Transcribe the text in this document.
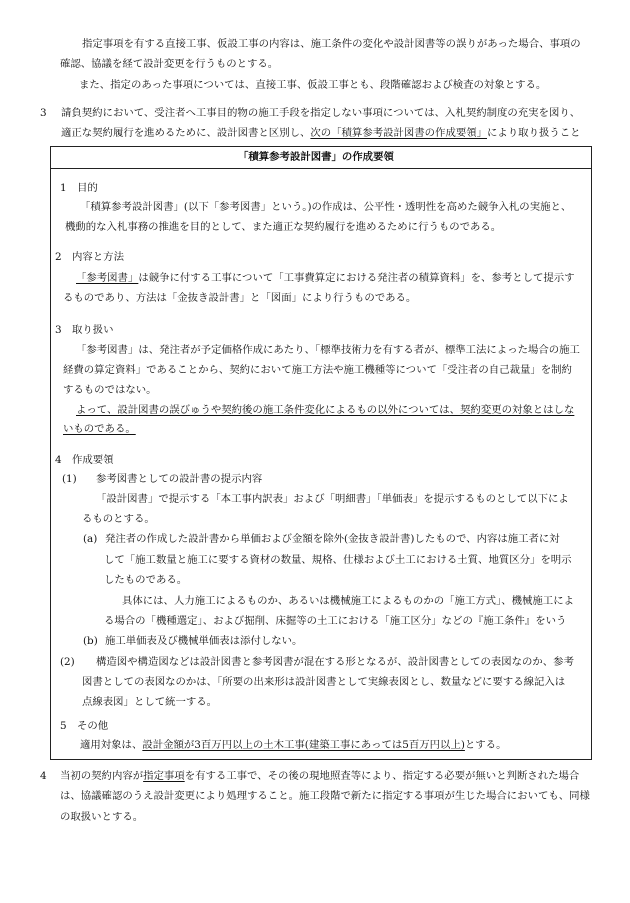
指定事項を有する直接工事、仮設工事の内容は、施工条件の変化や設計図書等の誤りがあった場合、事項の
確認、協議を経て設計変更を行うものとする。
また、指定のあった事項については、直接工事、仮設工事とも、段階確認および検査の対象とする。
3 請負契約において、受注者へ工事目的物の施工手段を指定しない事項については、入札契約制度の充実を図り、
適正な契約履行を進めるために、設計図書と区別し、次の「積算参考設計図書の作成要領」により取り扱うこと
「積算参考設計図書」の作成要領
1　目的
「積算参考設計図書」(以下「参考図書」という。)の作成は、公平性・透明性を高めた競争入札の実施と、
機動的な入札事務の推進を目的として、また適正な契約履行を進めるために行うものである。
2　内容と方法
「参考図書」は競争に付する工事について「工事費算定における発注者の積算資料」を、参考として提示す
るものであり、方法は「金抜き設計書」と「図面」により行うものである。
3　取り扱い
「参考図書」は、発注者が予定価格作成にあたり、「標準技術力を有する者が、標準工法によった場合の施工
経費の算定資料」であることから、契約において施工方法や施工機種等について「受注者の自己裁量」を制約
するものではない。
よって、設計図書の誤びゅうや契約後の施工条件変化によるもの以外については、契約変更の対象とはしな
いものである。
4　作成要領
(1) 参考図書としての設計書の提示内容
「設計図書」で提示する「本工事内訳表」および「明細書」「単価表」を提示するものとして以下によ
るものとする。
(a) 発注者の作成した設計書から単価および金額を除外(金抜き設計書)したもので、内容は施工者に対
して「施工数量と施工に要する資材の数量、規格、仕様および土工における土質、地質区分」を明示
したものである。
具体には、人力施工によるものか、あるいは機械施工によるものかの「施工方式」、機械施工によ
る場合の「機種選定」、および掘削、床掘等の土工における「施工区分」などの『施工条件』をいう
(b) 施工単価表及び機械単価表は添付しない。
(2) 構造図や構造図などは設計図書と参考図書が混在する形となるが、設計図書としての表図なのか、参考
図書としての表図なのかは、「所要の出来形は設計図書として実線表図とし、数量などに要する線記入は
点線表図」として統一する。
5　その他
適用対象は、設計金額が3百万円以上の土木工事(建築工事にあっては5百万円以上)とする。
4 当初の契約内容が指定事項を有する工事で、その後の現地照査等により、指定する必要が無いと判断された場合
は、協議確認のうえ設計変更により処理すること。施工段階で新たに指定する事項が生じた場合においても、同様
の取扱いとする。
